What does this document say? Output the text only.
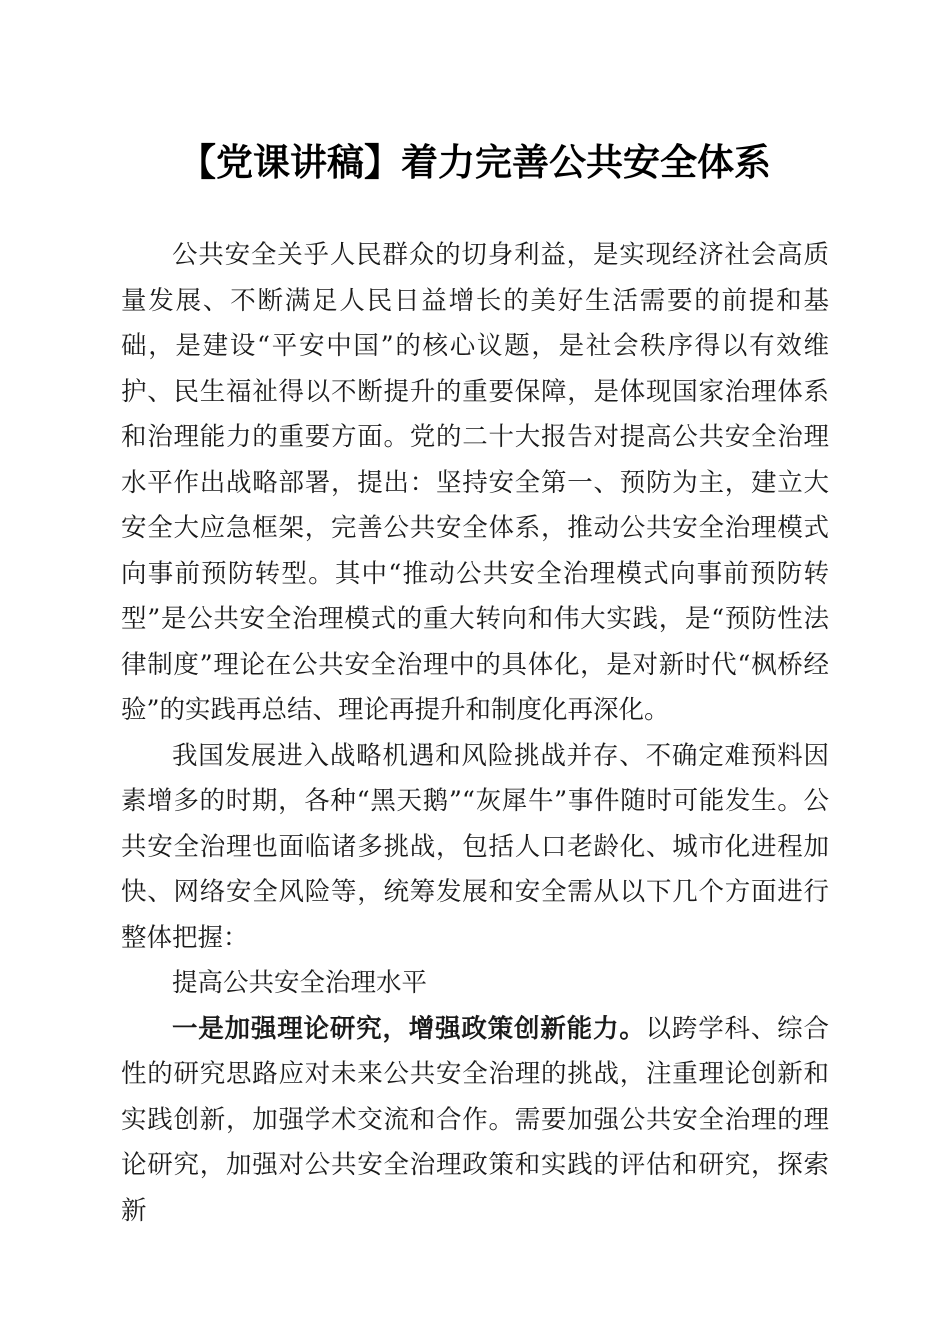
【党课讲稿】着力完善公共安全体系

公共安全关乎人民群众的切身利益，是实现经济社会高质量发展、不断满足人民日益增长的美好生活需要的前提和基础，是建设“平安中国”的核心议题，是社会秩序得以有效维护、民生福祉得以不断提升的重要保障，是体现国家治理体系和治理能力的重要方面。党的二十大报告对提高公共安全治理水平作出战略部署，提出：坚持安全第一、预防为主，建立大安全大应急框架，完善公共安全体系，推动公共安全治理模式向事前预防转型。其中“推动公共安全治理模式向事前预防转型”是公共安全治理模式的重大转向和伟大实践，是“预防性法律制度”理论在公共安全治理中的具体化，是对新时代“枫桥经验”的实践再总结、理论再提升和制度化再深化。

我国发展进入战略机遇和风险挑战并存、不确定难预料因素增多的时期，各种“黑天鹅”“灰犀牛”事件随时可能发生。公共安全治理也面临诸多挑战，包括人口老龄化、城市化进程加快、网络安全风险等，统筹发展和安全需从以下几个方面进行整体把握：

提高公共安全治理水平

一是加强理论研究，增强政策创新能力。以跨学科、综合性的研究思路应对未来公共安全治理的挑战，注重理论创新和实践创新，加强学术交流和合作。需要加强公共安全治理的理论研究，加强对公共安全治理政策和实践的评估和研究，探索新
